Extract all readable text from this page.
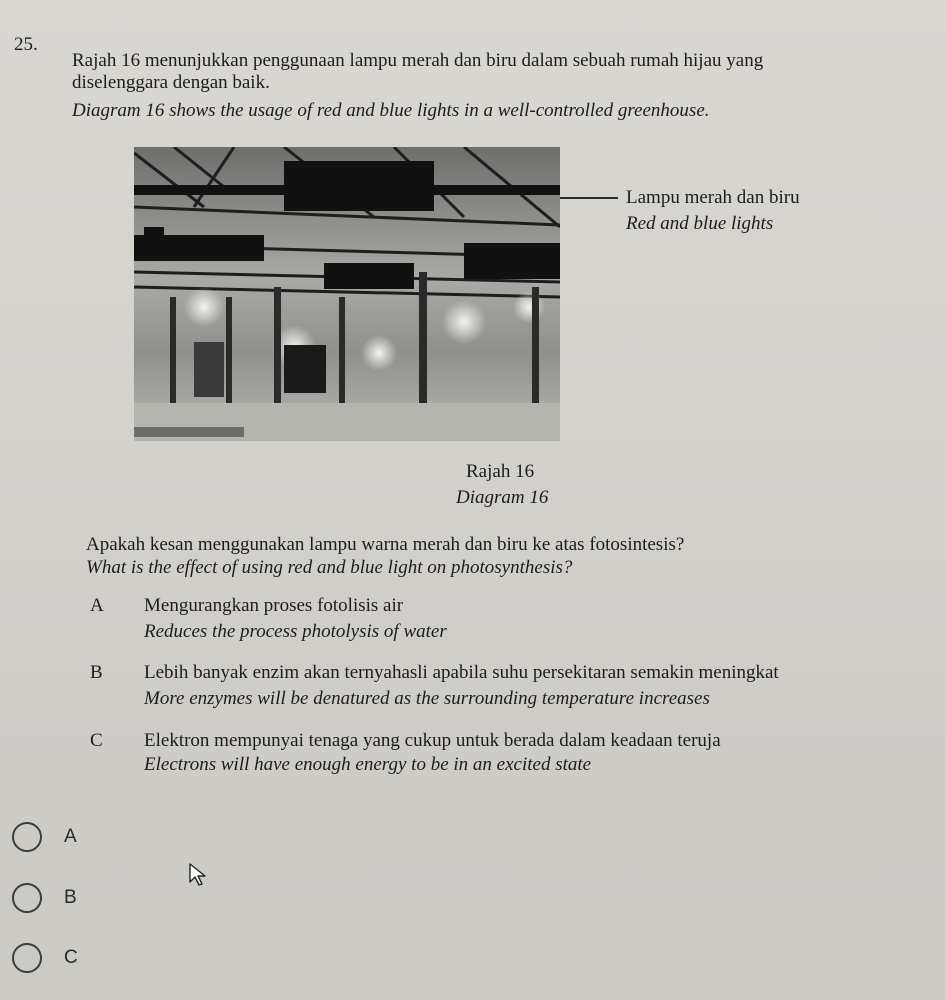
25.
Rajah 16 menunjukkan penggunaan lampu merah dan biru dalam sebuah rumah hijau yang
diselenggara dengan baik.
Diagram 16 shows the usage of red and blue lights in a well-controlled greenhouse.
Lampu merah dan biru
Red and blue lights
Rajah 16
Diagram 16
Apakah kesan menggunakan lampu warna merah dan biru ke atas fotosintesis?
What is the effect of using red and blue light on photosynthesis?
A Mengurangkan proses fotolisis air
Reduces the process photolysis of water
B Lebih banyak enzim akan ternyahasli apabila suhu persekitaran semakin meningkat
More enzymes will be denatured as the surrounding temperature increases
C Elektron mempunyai tenaga yang cukup untuk berada dalam keadaan teruja
Electrons will have enough energy to be in an excited state
A
B
C
